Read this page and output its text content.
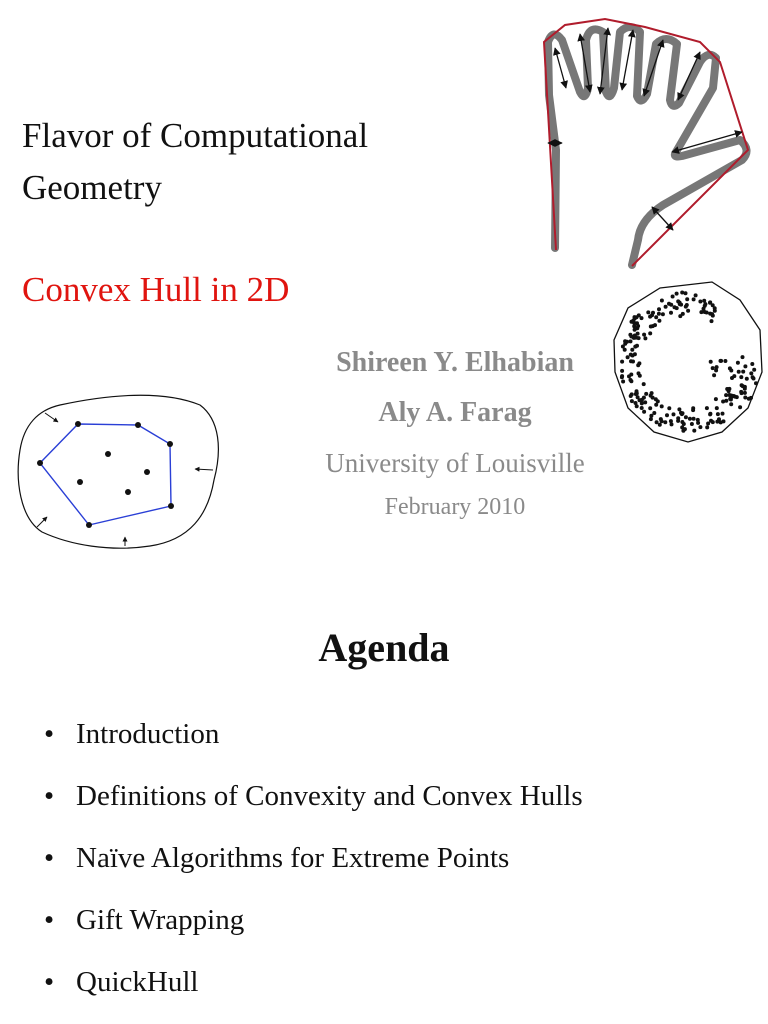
Flavor of Computational
Geometry
Convex Hull in 2D
Shireen Y. Elhabian
Aly A. Farag
University of Louisville
February 2010
Agenda
• Introduction
• Definitions of Convexity and Convex Hulls
• Naïve Algorithms for Extreme Points
• Gift Wrapping
• QuickHull
